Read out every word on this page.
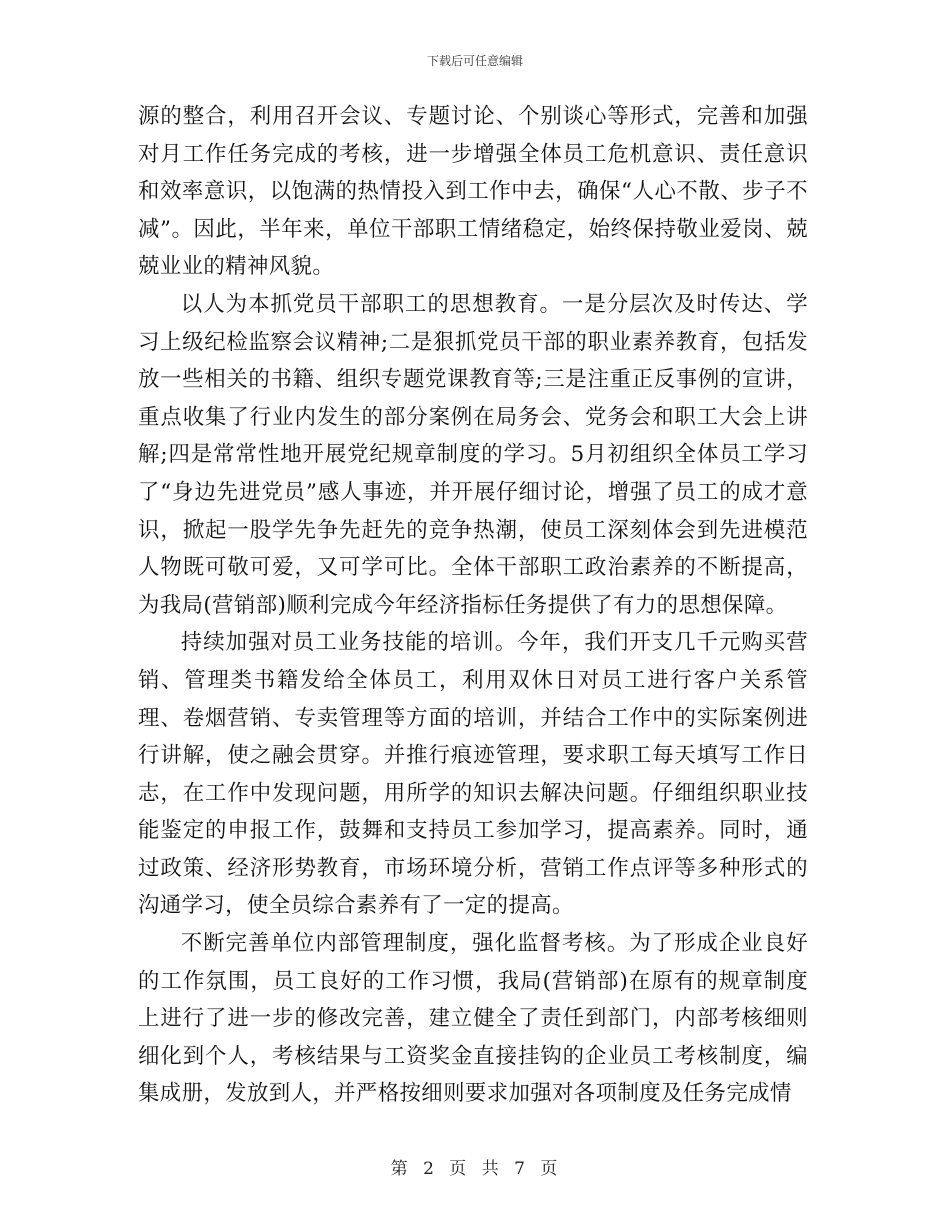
下载后可任意编辑

源的整合，利用召开会议、专题讨论、个别谈心等形式，完善和加强对月工作任务完成的考核，进一步增强全体员工危机意识、责任意识和效率意识，以饱满的热情投入到工作中去，确保“人心不散、步子不减”。因此，半年来，单位干部职工情绪稳定，始终保持敬业爱岗、兢兢业业的精神风貌。

以人为本抓党员干部职工的思想教育。一是分层次及时传达、学习上级纪检监察会议精神;二是狠抓党员干部的职业素养教育，包括发放一些相关的书籍、组织专题党课教育等;三是注重正反事例的宣讲，重点收集了行业内发生的部分案例在局务会、党务会和职工大会上讲解;四是常常性地开展党纪规章制度的学习。5月初组织全体员工学习了“身边先进党员”感人事迹，并开展仔细讨论，增强了员工的成才意识，掀起一股学先争先赶先的竞争热潮，使员工深刻体会到先进模范人物既可敬可爱，又可学可比。全体干部职工政治素养的不断提高，为我局(营销部)顺利完成今年经济指标任务提供了有力的思想保障。

持续加强对员工业务技能的培训。今年，我们开支几千元购买营销、管理类书籍发给全体员工，利用双休日对员工进行客户关系管理、卷烟营销、专卖管理等方面的培训，并结合工作中的实际案例进行讲解，使之融会贯穿。并推行痕迹管理，要求职工每天填写工作日志，在工作中发现问题，用所学的知识去解决问题。仔细组织职业技能鉴定的申报工作，鼓舞和支持员工参加学习，提高素养。同时，通过政策、经济形势教育，市场环境分析，营销工作点评等多种形式的沟通学习，使全员综合素养有了一定的提高。

不断完善单位内部管理制度，强化监督考核。为了形成企业良好的工作氛围，员工良好的工作习惯，我局(营销部)在原有的规章制度上进行了进一步的修改完善，建立健全了责任到部门，内部考核细则细化到个人，考核结果与工资奖金直接挂钩的企业员工考核制度，编集成册，发放到人，并严格按细则要求加强对各项制度及任务完成情

第 2 页 共 7 页
